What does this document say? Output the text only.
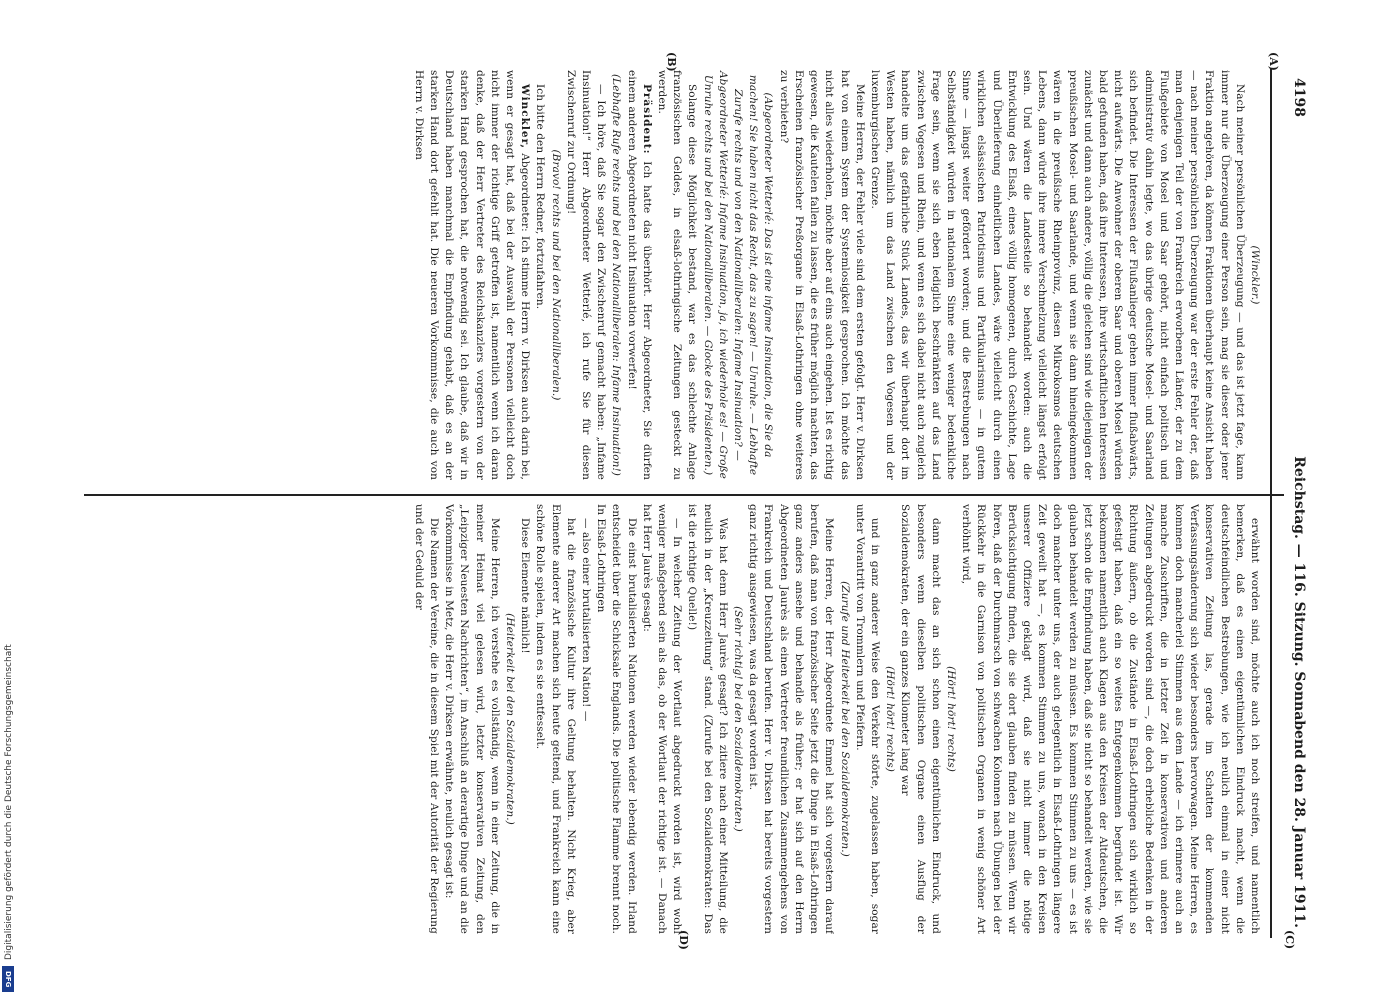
4198
Reichstag. — 116. Sitzung. Sonnabend den 28. Januar 1911.

(Winckler.)

Nach meiner persönlichen Überzeugung — und das ist jetzt fage, kann immer nur die Überzeugung einer Person sein, mag sie dieser oder jener Fraktion angehören, da können Fraktionen überhaupt keine Ansicht haben — nach meiner persönlichen Überzeugung war der erste Fehler der, daß man denjenigen Teil der von Frankreich erworbenen Länder, der zu dem Flußgebiete von Mosel und Saar gehört, nicht einfach politisch und administrativ dahin legte, wo das übrige deutsche Mosel- und Saarland sich befindet. Die Interessen der Flußanlieger gehen immer flußabwärts, nicht aufwärts. Die Anwohner der oberen Saar und oberen Mosel würden bald gefunden haben, daß ihre Interessen, ihre wirtschaftlichen Interessen zunächst und dann auch andere, völlig die gleichen sind wie diejenigen der preußischen Mosel- und Saarlande, und wenn sie dann hineingekommen wären in die preußische Rheinprovinz, diesen Mikrokosmos deutschen Lebens, dann würde ihre innere Verschmelzung vielleicht längst erfolgt sein. Und wären die Landesteile so behandelt worden: auch die Entwicklung des Elsaß, eines völlig homogenen, durch Geschichte, Lage und Überlieferung einheitlichen Landes, wäre vielleicht durch einen wirklichen elsässischen Patriotismus und Partikularismus — in gutem Sinne — längst weiter gefördert worden; und die Bestrebungen nach Selbständigkeit würden in nationalem Sinne eine weniger bedenkliche Frage sein, wenn sie sich eben lediglich beschränkten auf das Land zwischen Vogesen und Rhein, und wenn es sich dabei nicht auch zugleich handelte um das gefährliche Stück Landes, das wir überhaupt dort im Westen haben, nämlich um das Land zwischen den Vogesen und der luxemburgischen Grenze.

Meine Herren, der Fehler viele sind dem ersten gefolgt. Herr v. Dirksen hat von einem System der Systemlosigkeit gesprochen. Ich möchte das nicht alles wiederholen, möchte aber auf eins auch eingehen. Ist es richtig gewesen, die Kautelen fallen zu lassen, die es früher möglich machten, das Erscheinen französischer Preßorgane in Elsaß-Lothringen ohne weiteres zu verbieten?

(Abgeordneter Wetterlé: Das ist eine infame Insinuation, die Sie da machen! Sie haben nicht das Recht, das zu sagen! — Unruhe. — Lebhafte Zurufe rechts und von den Nationalliberalen: Infame Insinuation? — Abgeordneter Wetterlé: Infame Insinuation, ja, ich wiederhole es! — Große Unruhe rechts und bei den Nationalliberalen. — Glocke des Präsidenten.)

Solange diese Möglichkeit bestand, war es das schlechte Anlage französischen Geldes, in elsaß-lothringische Zeitungen gesteckt zu werden.

Präsident: Ich hatte das überhört. Herr Abgeordneter, Sie dürfen einem anderen Abgeordneten nicht Insinuation vorwerfen!

(Lebhafte Rufe rechts und bei den Nationalliberalen: Infame Insinuation!)

— Ich höre, daß Sie sogar den Zwischenruf gemacht haben: „Infame Insinuation!“ Herr Abgeordneter Wetterlé, ich rufe Sie für diesen Zwischenruf zur Ordnung!

(Bravo! rechts und bei den Nationalliberalen.)

Ich bitte den Herrn Redner, fortzufahren.

Winckler, Abgeordneter: Ich stimme Herrn v. Dirksen auch darin bei, wenn er gesagt hat, daß bei der Auswahl der Personen vielleicht doch nicht immer der richtige Griff getroffen ist, namentlich wenn ich daran denke, daß der Herr Vertreter des Reichskanzlers vorgestern von der starken Hand gesprochen hat, die notwendig sei. Ich glaube, daß wir in Deutschland haben manchmal die Empfindung gehabt, daß es an der starken Hand dort gefehlt hat. Die neueren Vorkommnisse, die auch von Herrn v. Dirksen

erwähnt worden sind, möchte auch ich noch streifen, und namentlich bemerken, daß es einen eigentümlichen Eindruck macht, wenn die deutschfeindlichen Bestrebungen, wie ich neulich einmal in einer nicht konservativen Zeitung las, gerade im Schatten der kommenden Verfassungsänderung sich wieder besonders hervorwagen. Meine Herren, es kommen doch mancherlei Stimmen aus dem Lande — ich erinnere auch an manche Zuschriften, die in letzter Zeit in konservativen und anderen Zeitungen abgedruckt worden sind —, die doch erhebliche Bedenken in der Richtung äußern, ob die Zustände in Elsaß-Lothringen sich wirklich so gefestigt haben, daß ein so weites Entgegenkommen begründet ist. Wir bekommen namentlich auch Klagen aus den Kreisen der Altdeutschen, die jetzt schon die Empfindung haben, daß sie nicht so behandelt werden, wie sie glauben behandelt werden zu müssen. Es kommen Stimmen zu uns — es ist doch mancher unter uns, der auch gelegentlich in Elsaß-Lothringen längere Zeit geweilt hat —, es kommen Stimmen zu uns, wonach in den Kreisen unserer Offiziere geklagt wird, daß sie nicht immer die nötige Berücksichtigung finden, die sie dort glauben finden zu müssen. Wenn wir hören, daß der Durchmarsch von schwachen Kolonnen nach Übungen bei der Rückkehr in die Garnison von politischen Organen in wenig schöner Art verhöhnt wird,

(Hört! hört! rechts)

dann macht das an sich schon einen eigentümlichen Eindruck, und besonders wenn dieselben politischen Organe einen Ausflug der Sozialdemokraten, der ein ganzes Kilometer lang war

(Hört! hört! rechts)

und in ganz anderer Weise den Verkehr störte, zugelassen haben, sogar unter Vorantritt von Trommlern und Pfeifern.

(Zurufe und Heiterkeit bei den Sozialdemokraten.)

Meine Herren, der Herr Abgeordnete Emmel hat sich vorgestern darauf berufen, daß man von französischer Seite jetzt die Dinge in Elsaß-Lothringen ganz anders ansehe und behandle als früher; er hat sich auf den Herrn Abgeordneten Jaurès als einen Vertreter freundlichen Zusammengehens von Frankreich und Deutschland berufen. Herr v. Dirksen hat bereits vorgestern ganz richtig ausgewiesen, was da gesagt worden ist.

(Sehr richtig! bei den Sozialdemokraten.)

Was hat denn Herr Jaurès gesagt? Ich zitiere nach einer Mitteilung, die neulich in der „Kreuzzeitung“ stand. (Zurufe bei den Sozialdemokraten: Das ist die richtige Quelle!)

— In welcher Zeitung der Wortlaut abgedruckt worden ist, wird wohl weniger maßgebend sein als das, ob der Wortlaut der richtige ist. — Danach hat Herr Jaurès gesagt:

Die einst brutalisierten Nationen werden wieder lebendig werden. Irland entscheidet über die Schicksale Englands. Die politische Flamme brennt noch. In Elsaß-Lothringen

— also einer brutalisierten Nation! —

hat die französische Kultur ihre Geltung behalten. Nicht Krieg, aber Elemente anderer Art machen sich heute geltend, und Frankreich kann eine schöne Rolle spielen, indem es sie entfesselt.

Diese Elemente nämlich!

(Heiterkeit bei den Sozialdemokraten.)

Meine Herren, ich verstehe es vollständig, wenn in einer Zeitung, die in meiner Heimat viel gelesen wird, letzter konservativen Zeitung, den „Leipziger Neuesten Nachrichten“, im Anschluß an derartige Dinge und an die Vorkommnisse in Metz, die Herr v. Dirksen erwähnte, neulich gesagt ist:

Die Namen der Vereine, die in diesem Spiel mit der Autorität der Regierung und der Geduld der

(A)
(B)
(C)
(D)
Digitalisierung gefördert durch die Deutsche Forschungsgemeinschaft
DFG
